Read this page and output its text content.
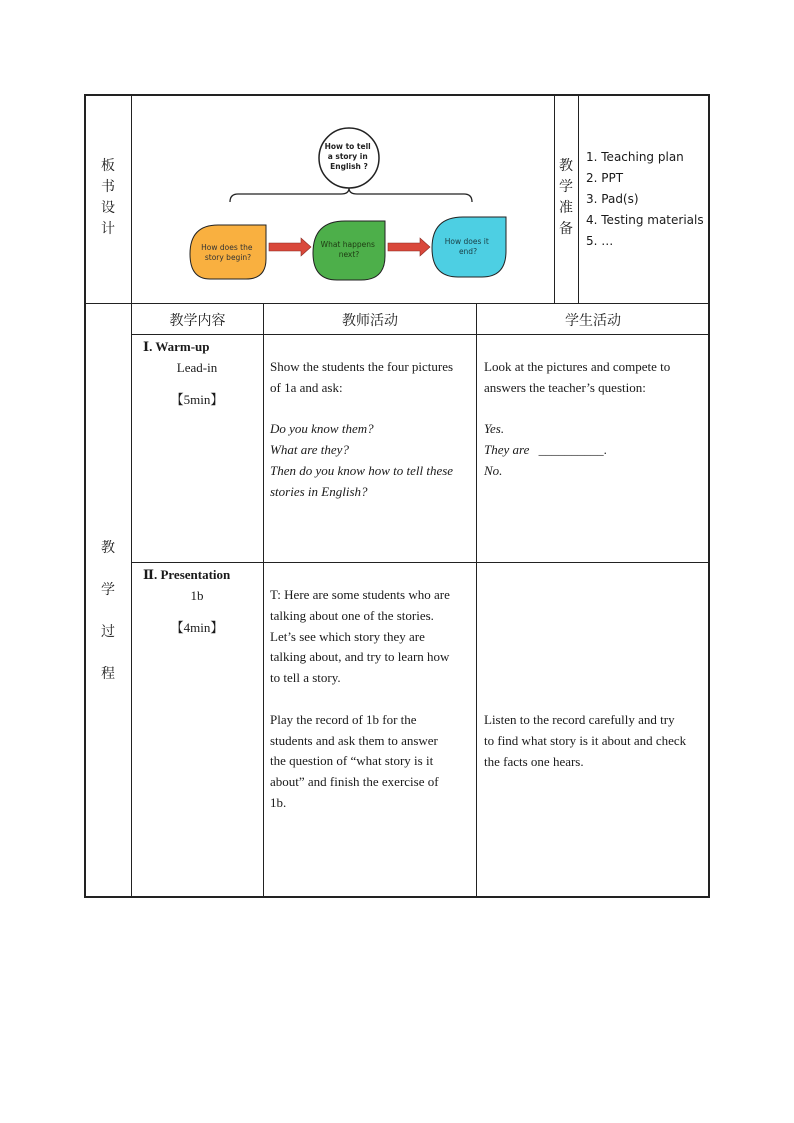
板
书
设
计
How to tell a story in English ?
How does the story begin?
What happens next?
How does it end?
教
学
准
备
1. Teaching plan
2. PPT
3. Pad(s)
4. Testing materials
5. …
教
学
过
程
教学内容	教师活动	学生活动
Ⅰ. Warm-up
Lead-in
【5min】
Show the students the four pictures
of 1a and ask:
Do you know them?
What are they?
Then do you know how to tell these
stories in English?
Look at the pictures and compete to
answers the teacher’s question:
Yes.
They are __________.
No.
Ⅱ. Presentation
1b
【4min】
T: Here are some students who are
talking about one of the stories.
Let’s see which story they are
talking about, and try to learn how
to tell a story.
Play the record of 1b for the
students and ask them to answer
the question of “what story is it
about” and finish the exercise of
1b.
Listen to the record carefully and try
to find what story is it about and check
the facts one hears.
